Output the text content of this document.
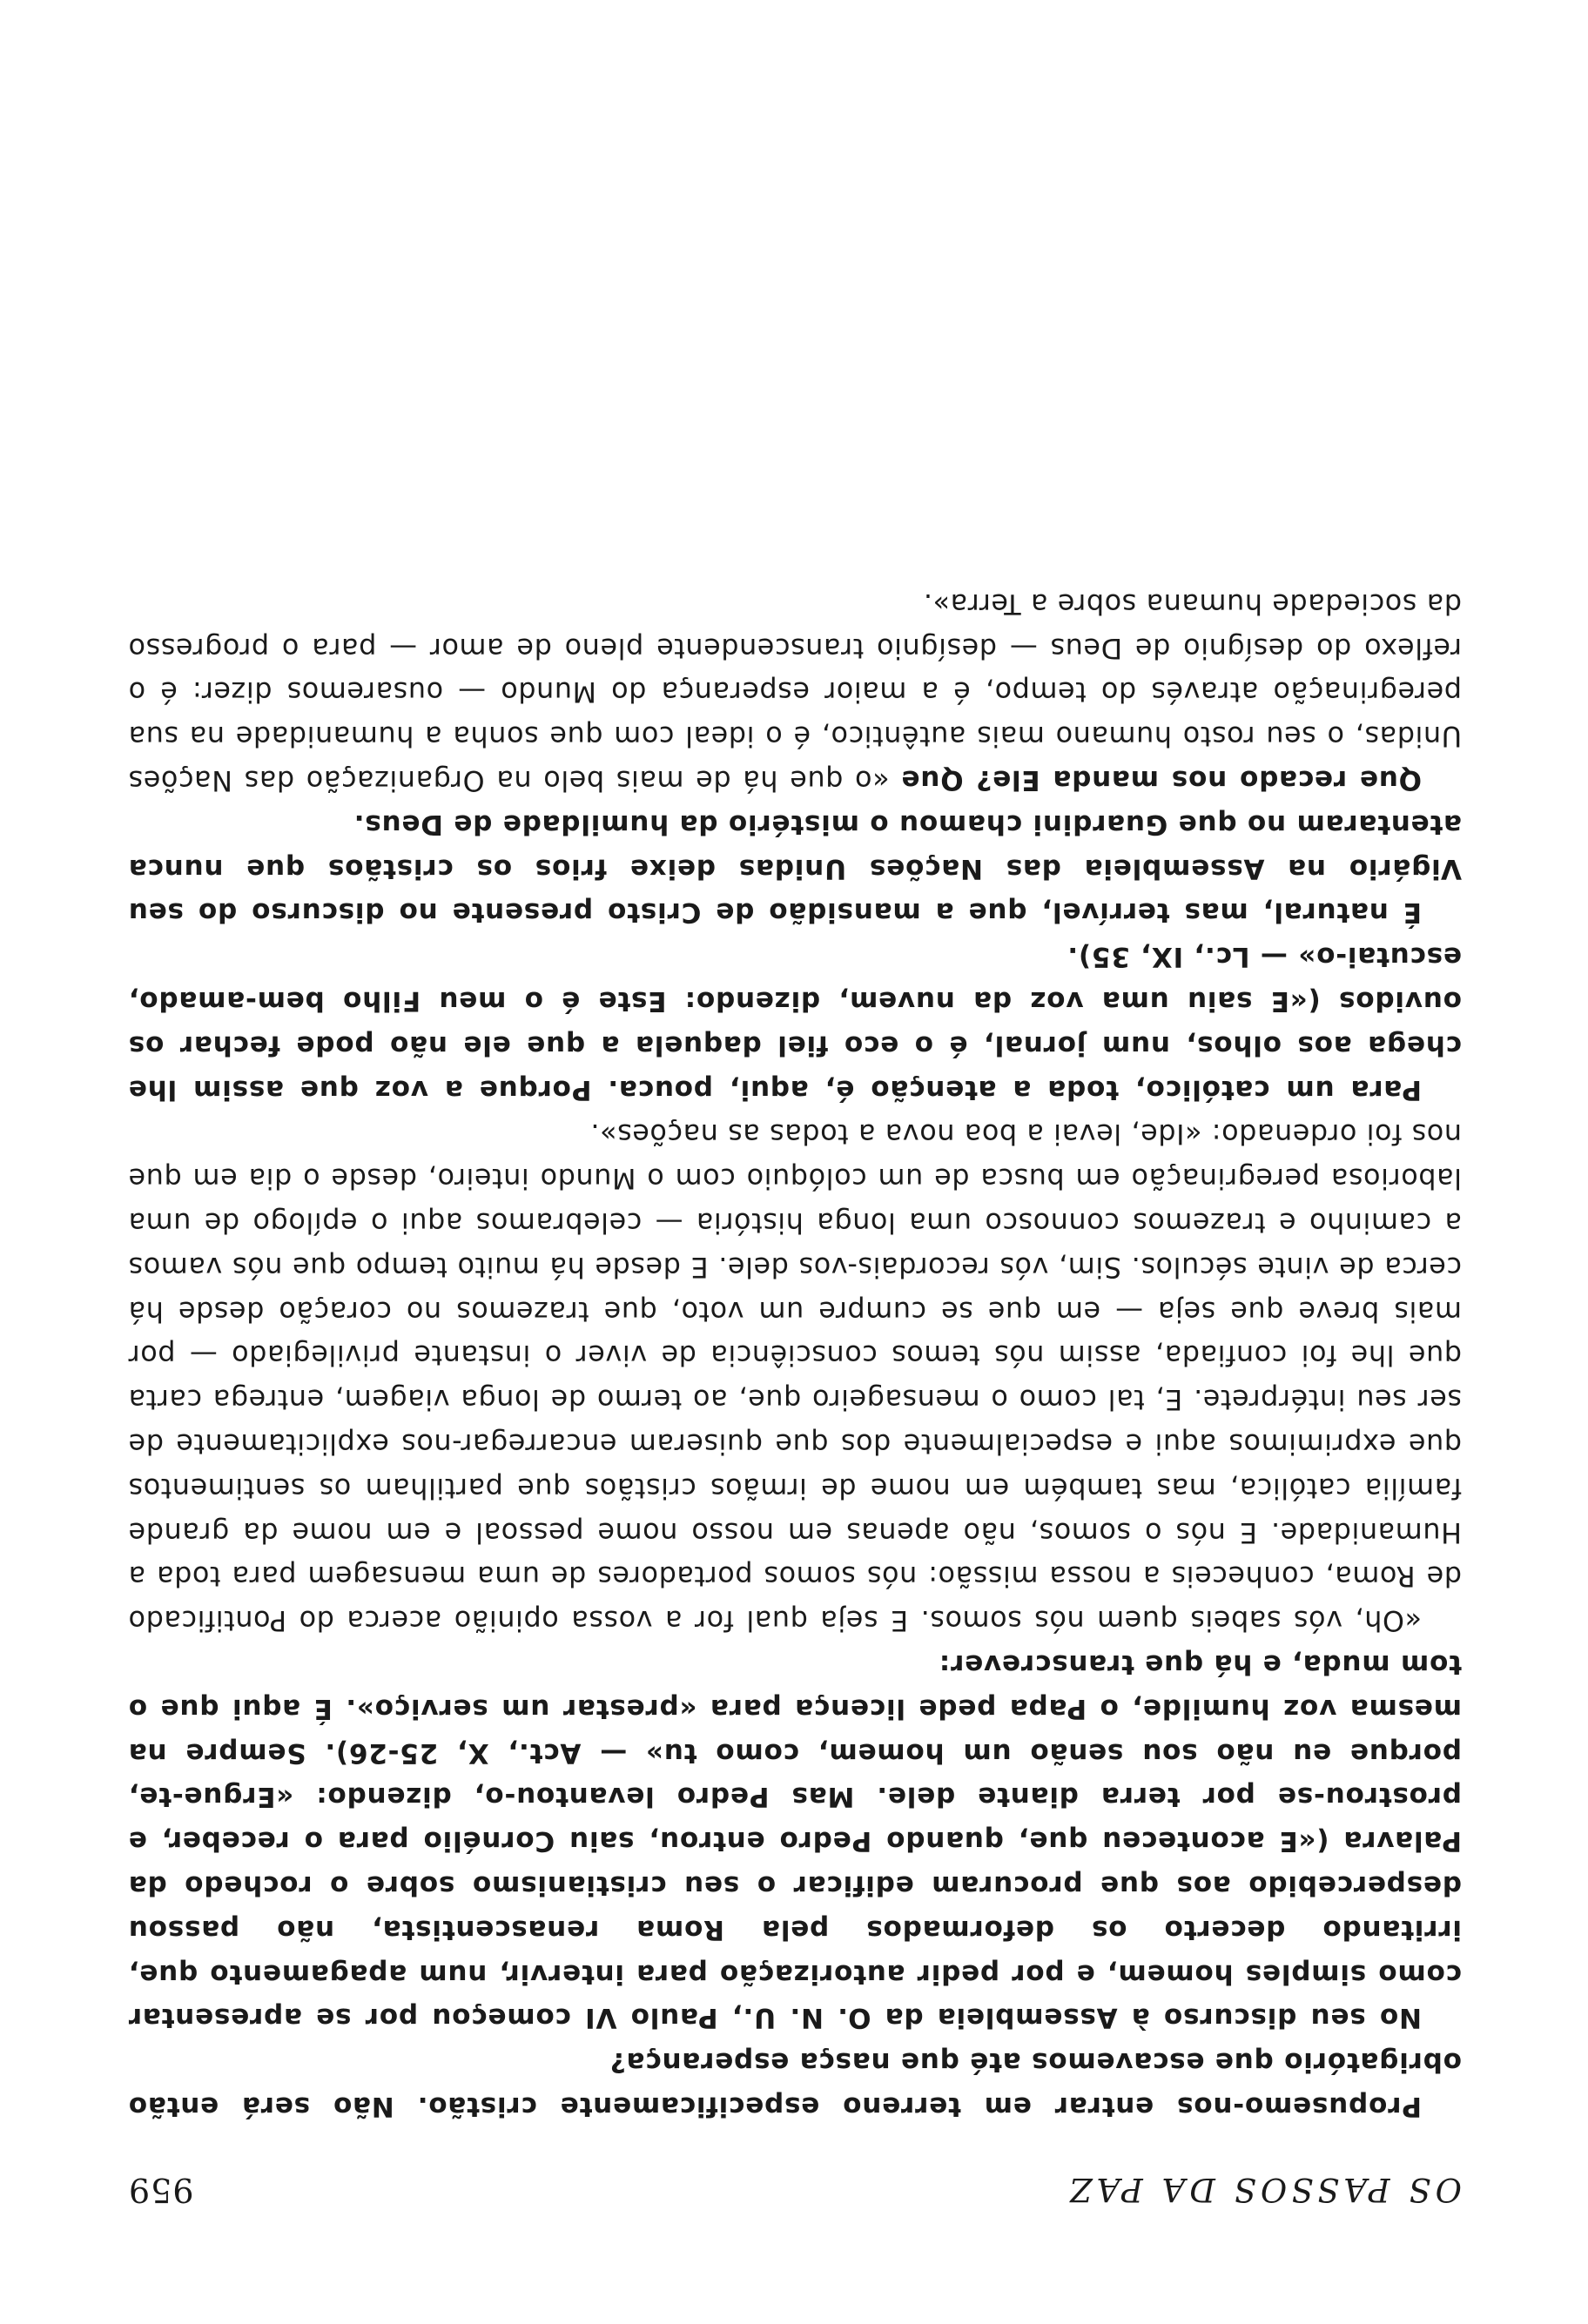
OS PASSOS DA PAZ
959

Propusemo-nos entrar em terreno especificamente cristão. Não será então obrigatório que escavemos até que nasça esperança?

No seu discurso à Assembleia da O. N. U., Paulo VI começou por se apresentar como simples homem, e por pedir autorização para intervir, num apagamento que, irritando decerto os deformados pela Roma renascentista, não passou despercebido aos que procuram edificar o seu cristianismo sobre o rochedo da Palavra («E aconteceu que, quando Pedro entrou, saiu Cornélio para o receber, e prostrou-se por terra diante dele. Mas Pedro levantou-o, dizendo: «Ergue-te, porque eu não sou senão um homem, como tu» — Act., X, 25-26). Sempre na mesma voz humilde, o Papa pede licença para «prestar um serviço». É aqui que o tom muda, e há que transcrever:

«Oh, vós sabeis quem nós somos. E seja qual for a vossa opinião acerca do Pontificado de Roma, conheceis a nossa missão: nós somos portadores de uma mensagem para toda a Humanidade. E nós o somos, não apenas em nosso nome pessoal e em nome da grande família católica, mas também em nome de irmãos cristãos que partilham os sentimentos que exprimimos aqui e especialmente dos que quiseram encarregar-nos explicitamente de ser seu intérprete. E, tal como o mensageiro que, ao termo de longa viagem, entrega carta que lhe foi confiada, assim nós temos consciência de viver o instante privilegiado — por mais breve que seja — em que se cumpre um voto, que trazemos no coração desde há cerca de vinte séculos. Sim, vós recordais-vos dele. E desde há muito tempo que nós vamos a caminho e trazemos connosco uma longa história — celebramos aqui o epílogo de uma laboriosa peregrinação em busca de um colóquio com o Mundo inteiro, desde o dia em que nos foi ordenado: «Ide, levai a boa nova a todas as nações».

Para um católico, toda a atenção é, aqui, pouca. Porque a voz que assim lhe chega aos olhos, num jornal, é o eco fiel daquela a que ele não pode fechar os ouvidos («E saiu uma voz da nuvem, dizendo: Este é o meu Filho bem-amado, escutai-o» — Lc., IX, 35).

É natural, mas terrível, que a mansidão de Cristo presente no discurso do seu Vigário na Assembleia das Nações Unidas deixe frios os cristãos que nunca atentaram no que Guardini chamou o mistério da humildade de Deus.

Que recado nos manda Ele? Que «o que há de mais belo na Organização das Nações Unidas, o seu rosto humano mais autêntico, é o ideal com que sonha a humanidade na sua peregrinação através do tempo, é a maior esperança do Mundo — ousaremos dizer: é o reflexo do desígnio de Deus — desígnio transcendente pleno de amor — para o progresso da sociedade humana sobre a Terra».
